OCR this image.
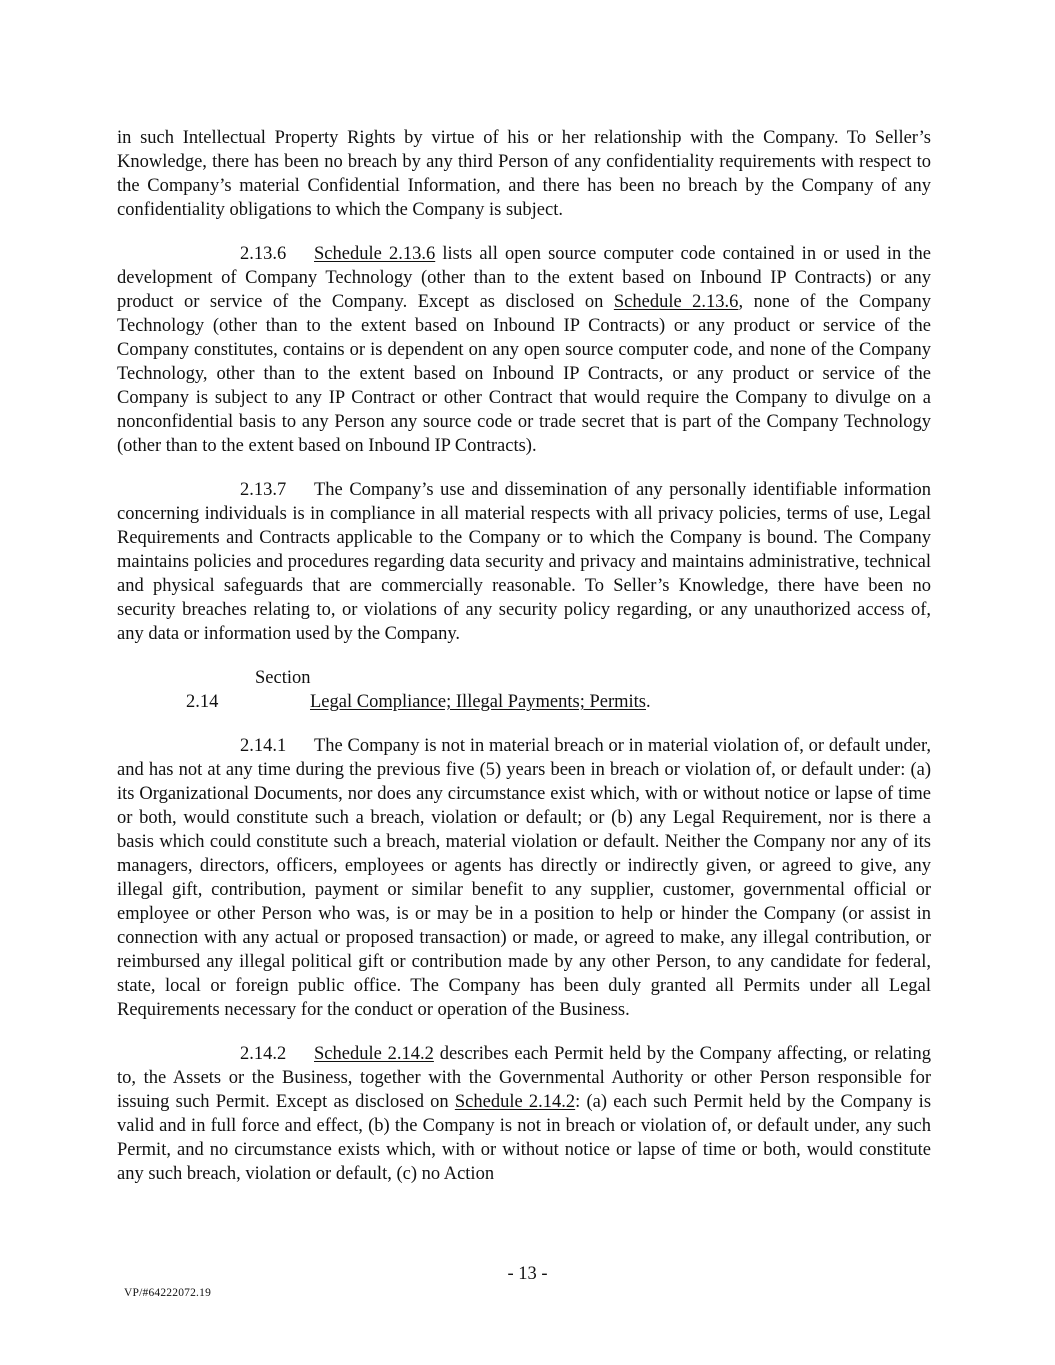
in such Intellectual Property Rights by virtue of his or her relationship with the Company. To Seller’s Knowledge, there has been no breach by any third Person of any confidentiality requirements with respect to the Company’s material Confidential Information, and there has been no breach by the Company of any confidentiality obligations to which the Company is subject.

2.13.6 Schedule 2.13.6 lists all open source computer code contained in or used in the development of Company Technology (other than to the extent based on Inbound IP Contracts) or any product or service of the Company. Except as disclosed on Schedule 2.13.6, none of the Company Technology (other than to the extent based on Inbound IP Contracts) or any product or service of the Company constitutes, contains or is dependent on any open source computer code, and none of the Company Technology, other than to the extent based on Inbound IP Contracts, or any product or service of the Company is subject to any IP Contract or other Contract that would require the Company to divulge on a nonconfidential basis to any Person any source code or trade secret that is part of the Company Technology (other than to the extent based on Inbound IP Contracts).

2.13.7 The Company’s use and dissemination of any personally identifiable information concerning individuals is in compliance in all material respects with all privacy policies, terms of use, Legal Requirements and Contracts applicable to the Company or to which the Company is bound. The Company maintains policies and procedures regarding data security and privacy and maintains administrative, technical and physical safeguards that are commercially reasonable. To Seller’s Knowledge, there have been no security breaches relating to, or violations of any security policy regarding, or any unauthorized access of, any data or information used by the Company.

Section 2.14	Legal Compliance; Illegal Payments; Permits.

2.14.1 The Company is not in material breach or in material violation of, or default under, and has not at any time during the previous five (5) years been in breach or violation of, or default under: (a) its Organizational Documents, nor does any circumstance exist which, with or without notice or lapse of time or both, would constitute such a breach, violation or default; or (b) any Legal Requirement, nor is there a basis which could constitute such a breach, material violation or default. Neither the Company nor any of its managers, directors, officers, employees or agents has directly or indirectly given, or agreed to give, any illegal gift, contribution, payment or similar benefit to any supplier, customer, governmental official or employee or other Person who was, is or may be in a position to help or hinder the Company (or assist in connection with any actual or proposed transaction) or made, or agreed to make, any illegal contribution, or reimbursed any illegal political gift or contribution made by any other Person, to any candidate for federal, state, local or foreign public office. The Company has been duly granted all Permits under all Legal Requirements necessary for the conduct or operation of the Business.

2.14.2 Schedule 2.14.2 describes each Permit held by the Company affecting, or relating to, the Assets or the Business, together with the Governmental Authority or other Person responsible for issuing such Permit. Except as disclosed on Schedule 2.14.2: (a) each such Permit held by the Company is valid and in full force and effect, (b) the Company is not in breach or violation of, or default under, any such Permit, and no circumstance exists which, with or without notice or lapse of time or both, would constitute any such breach, violation or default, (c) no Action

- 13 -
VP/#64222072.19
